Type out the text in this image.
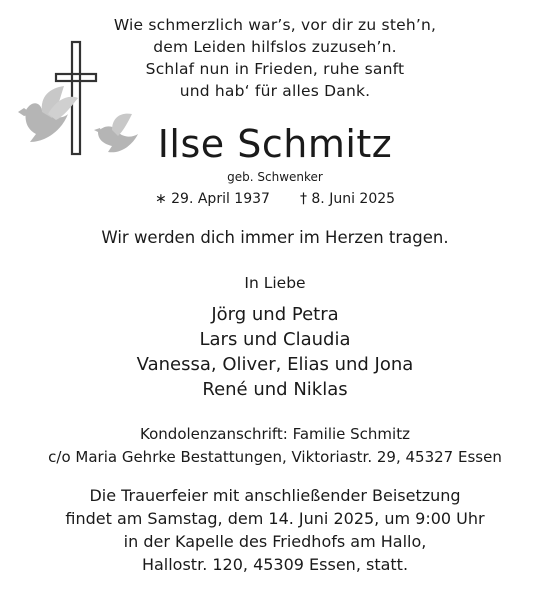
Wie schmerzlich war’s, vor dir zu steh’n,
dem Leiden hilfslos zuzuseh’n.
Schlaf nun in Frieden, ruhe sanft
und hab‘ für alles Dank.
Ilse Schmitz
geb. Schwenker
∗ 29. April 1937 † 8. Juni 2025
Wir werden dich immer im Herzen tragen.
In Liebe
Jörg und Petra
Lars und Claudia
Vanessa, Oliver, Elias und Jona
René und Niklas
Kondolenzanschrift: Familie Schmitz
c/o Maria Gehrke Bestattungen, Viktoriastr. 29, 45327 Essen
Die Trauerfeier mit anschließender Beisetzung
findet am Samstag, dem 14. Juni 2025, um 9:00 Uhr
in der Kapelle des Friedhofs am Hallo,
Hallostr. 120, 45309 Essen, statt.
